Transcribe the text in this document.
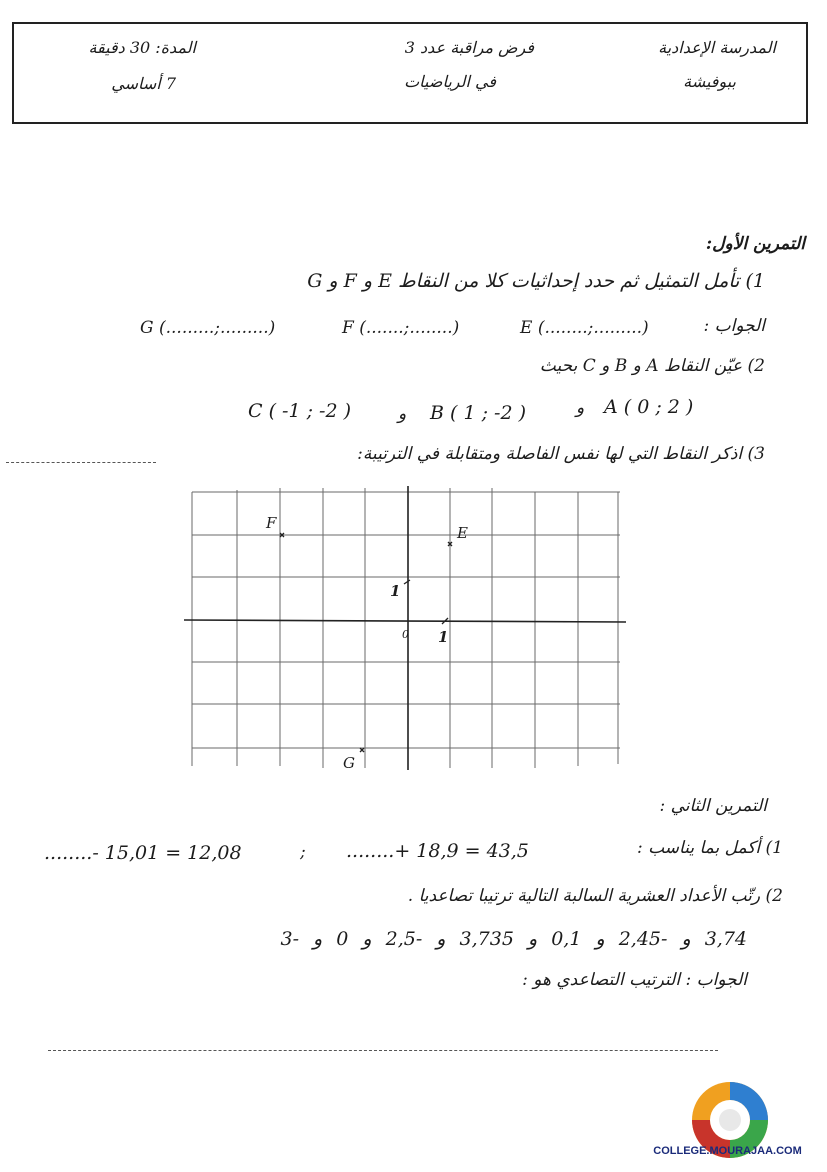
المدرسة الإعدادية
ببوفيشة
فرض مراقبة عدد 3
في الرياضيات
المدة: 30 دقيقة
7 أساسي
التمرين الأول:
1) تأمل التمثيل ثم حدد إحداثيات كلا من النقاط E و F و G
الجواب :
E (........;.........)
F (.......;........)
G (.........;.........)
2) عيّن النقاط A و B و C بحيث
A ( 0 ; 2 )
و
B ( 1 ; -2 )
و
C ( -1 ; -2 )
3) اذكر النقاط التي لها نفس الفاصلة ومتقابلة في الترتيبة:
F
E
G
1
1
0
التمرين الثاني :
1) أكمل بما يناسب :
........+ 18,9 = 43,5
;
........- 15,01 = 12,08
2) رتّب الأعداد العشرية السالبة التالية ترتيبا تصاعديا .
3,74 و -2,45 و 0,1 و 3,735 و -2,5 و 0 و -3
الجواب : الترتيب التصاعدي هو :
COLLEGE.MOURAJAA.COM
